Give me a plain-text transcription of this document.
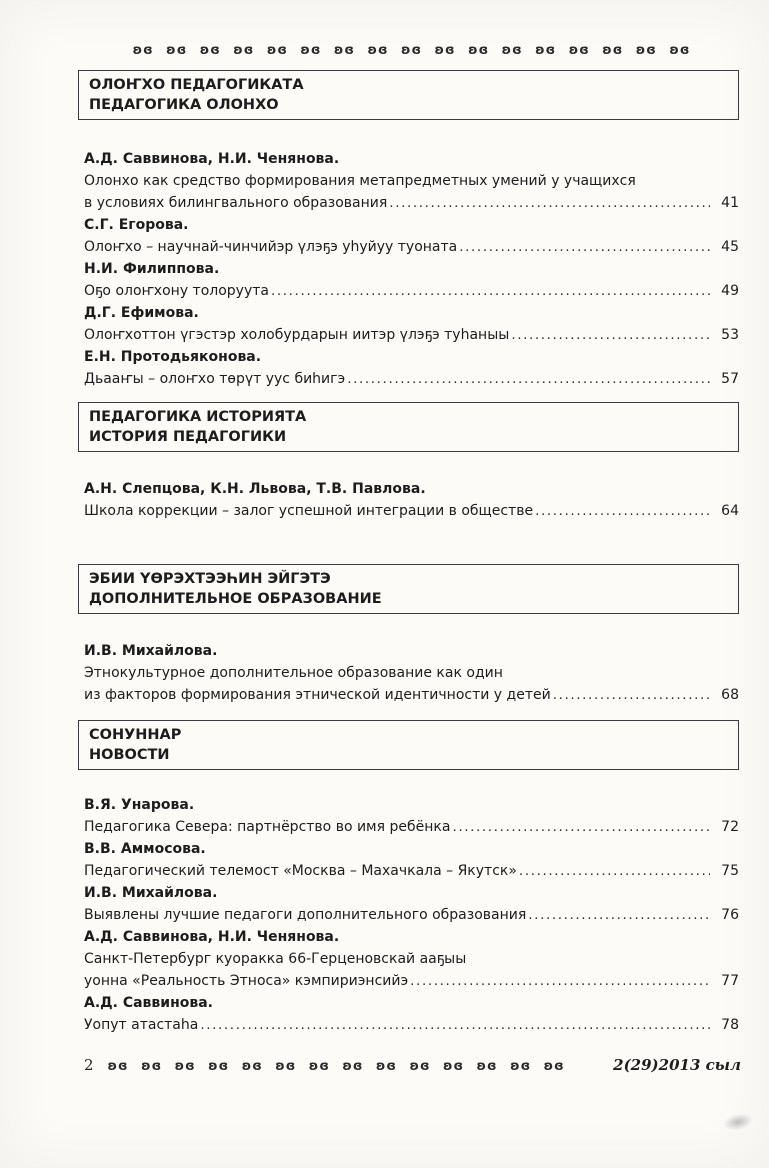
ʚɞ ʚɞ ʚɞ ʚɞ ʚɞ ʚɞ ʚɞ ʚɞ ʚɞ ʚɞ ʚɞ ʚɞ ʚɞ ʚɞ ʚɞ ʚɞ ʚɞ
ОЛОҤХО ПЕДАГОГИКАТА
ПЕДАГОГИКА ОЛОНХО
А.Д. Саввинова, Н.И. Ченянова.
Олонхо как средство формирования метапредметных умений у учащихся
в условиях билингвального образования .....	41
С.Г. Егорова.
Олоҥхо – научнай-чинчийэр үлэҕэ уһуйуу туоната .....	45
Н.И. Филиппова.
Оҕо олоҥхону толоруута .....	49
Д.Г. Ефимова.
Олоҥхоттон үгэстэр холобурдарын иитэр үлэҕэ туһаныы .....	53
Е.Н. Протодьяконова.
Дьааҥы – олоҥхо төрүт уус биһигэ .....	57
ПЕДАГОГИКА ИСТОРИЯТА
ИСТОРИЯ ПЕДАГОГИКИ
А.Н. Слепцова, К.Н. Львова, Т.В. Павлова.
Школа коррекции – залог успешной интеграции в обществе .....	64
ЭБИИ ҮӨРЭХТЭЭҺИН ЭЙГЭТЭ
ДОПОЛНИТЕЛЬНОЕ ОБРАЗОВАНИЕ
И.В. Михайлова.
Этнокультурное дополнительное образование как один
из факторов формирования этнической идентичности у детей .....	68
СОНУННАР
НОВОСТИ
В.Я. Унарова.
Педагогика Севера: партнёрство во имя ребёнка .....	72
В.В. Аммосова.
Педагогический телемост «Москва – Махачкала – Якутск» .....	75
И.В. Михайлова.
Выявлены лучшие педагоги дополнительного образования .....	76
А.Д. Саввинова, Н.И. Ченянова.
Санкт-Петербург куоракка 66-Герценовскай ааҕыы
уонна «Реальность Этноса» кэмпириэнсийэ .....	77
А.Д. Саввинова.
Уопут атастаһа .....	78
2 ʚɞ ʚɞ ʚɞ ʚɞ ʚɞ ʚɞ ʚɞ ʚɞ ʚɞ ʚɞ ʚɞ ʚɞ ʚɞ ʚɞ	2(29)2013 сыл
